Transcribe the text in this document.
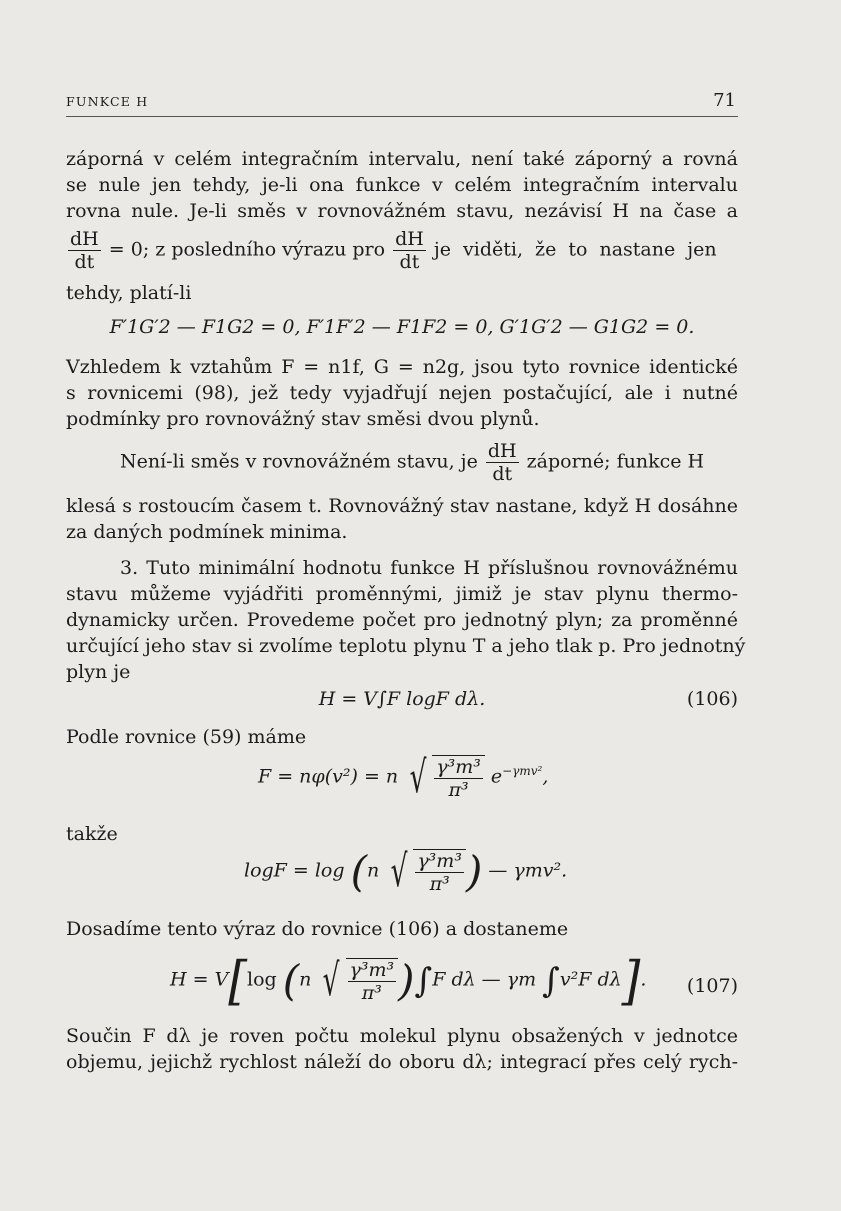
FUNKCE H	71
záporná v celém integračním intervalu, není také záporný a rovná
se nule jen tehdy, je-li ona funkce v celém integračním intervalu
rovna nule. Je-li směs v rovnovážném stavu, nezávisí H na čase a
$\frac{dH}{dt} = 0$; z posledního výrazu pro $\frac{dH}{dt}$ je viděti, že to nastane jen
tehdy, platí-li
F′1G′2 — F1G2 = 0, F′1F′2 — F1F2 = 0, G′1G′2 — G1G2 = 0.
Vzhledem k vztahům F = n1f, G = n2g, jsou tyto rovnice identické
s rovnicemi (98), jež tedy vyjadřují nejen postačující, ale i nutné
podmínky pro rovnovážný stav směsi dvou plynů.
Není-li směs v rovnovážném stavu, je $\frac{dH}{dt}$ záporné; funkce H
klesá s rostoucím časem t. Rovnovážný stav nastane, když H dosáhne
za daných podmínek minima.
3. Tuto minimální hodnotu funkce H příslušnou rovnovážnému
stavu můžeme vyjádřiti proměnnými, jimiž je stav plynu thermo-
dynamicky určen. Provedeme počet pro jednotný plyn; za proměnné
určující jeho stav si zvolíme teplotu plynu T a jeho tlak p. Pro jednotný
plyn je
H = V∫F logF dλ.	(106)
Podle rovnice (59) máme
F = nφ(v²) = n √ $\frac{\text{γ³m³}}{\text{π³}} e^{-\gamma mv^2}$,
takže
logF = log (n √ $\frac{\text{γ³m³}}{\text{π³}}$ ) — γmv².
Dosadíme tento výraz do rovnice (106) a dostaneme
H = V[log (n √ $\frac{\text{γ³m³}}{\text{π³}} )\int F$ dλ — γm ∫v²F dλ]. (107)
Součin F dλ je roven počtu molekul plynu obsažených v jednotce
objemu, jejichž rychlost náleží do oboru dλ; integrací přes celý rych-
